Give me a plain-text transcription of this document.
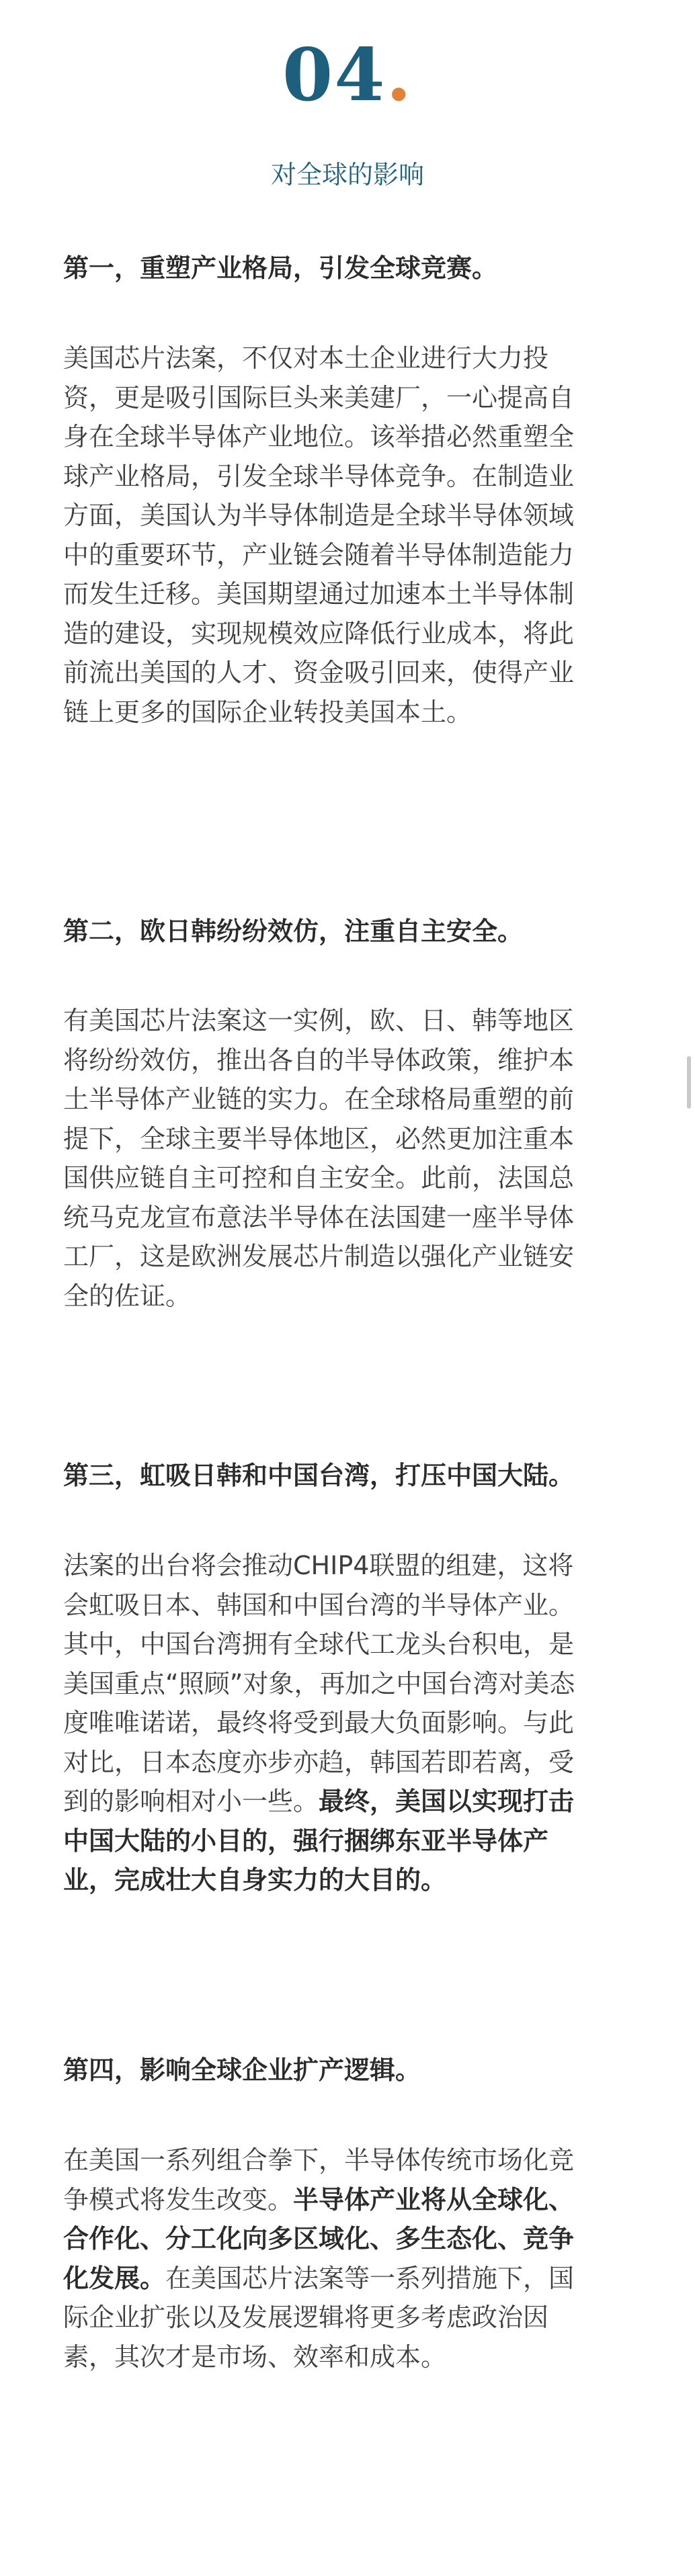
04.
对全球的影响
第一，重塑产业格局，引发全球竞赛。
美国芯片法案，不仅对本土企业进行大力投
资，更是吸引国际巨头来美建厂，一心提高自
身在全球半导体产业地位。该举措必然重塑全
球产业格局，引发全球半导体竞争。在制造业
方面，美国认为半导体制造是全球半导体领域
中的重要环节，产业链会随着半导体制造能力
而发生迁移。美国期望通过加速本土半导体制
造的建设，实现规模效应降低行业成本，将此
前流出美国的人才、资金吸引回来，使得产业
链上更多的国际企业转投美国本土。
第二，欧日韩纷纷效仿，注重自主安全。
有美国芯片法案这一实例，欧、日、韩等地区
将纷纷效仿，推出各自的半导体政策，维护本
土半导体产业链的实力。在全球格局重塑的前
提下，全球主要半导体地区，必然更加注重本
国供应链自主可控和自主安全。此前，法国总
统马克龙宣布意法半导体在法国建一座半导体
工厂，这是欧洲发展芯片制造以强化产业链安
全的佐证。
第三，虹吸日韩和中国台湾，打压中国大陆。
法案的出台将会推动CHIP4联盟的组建，这将
会虹吸日本、韩国和中国台湾的半导体产业。
其中，中国台湾拥有全球代工龙头台积电，是
美国重点“照顾”对象，再加之中国台湾对美态
度唯唯诺诺，最终将受到最大负面影响。与此
对比，日本态度亦步亦趋，韩国若即若离，受
到的影响相对小一些。最终，美国以实现打击
中国大陆的小目的，强行捆绑东亚半导体产
业，完成壮大自身实力的大目的。
第四，影响全球企业扩产逻辑。
在美国一系列组合拳下，半导体传统市场化竞
争模式将发生改变。半导体产业将从全球化、
合作化、分工化向多区域化、多生态化、竞争
化发展。在美国芯片法案等一系列措施下，国
际企业扩张以及发展逻辑将更多考虑政治因
素，其次才是市场、效率和成本。
